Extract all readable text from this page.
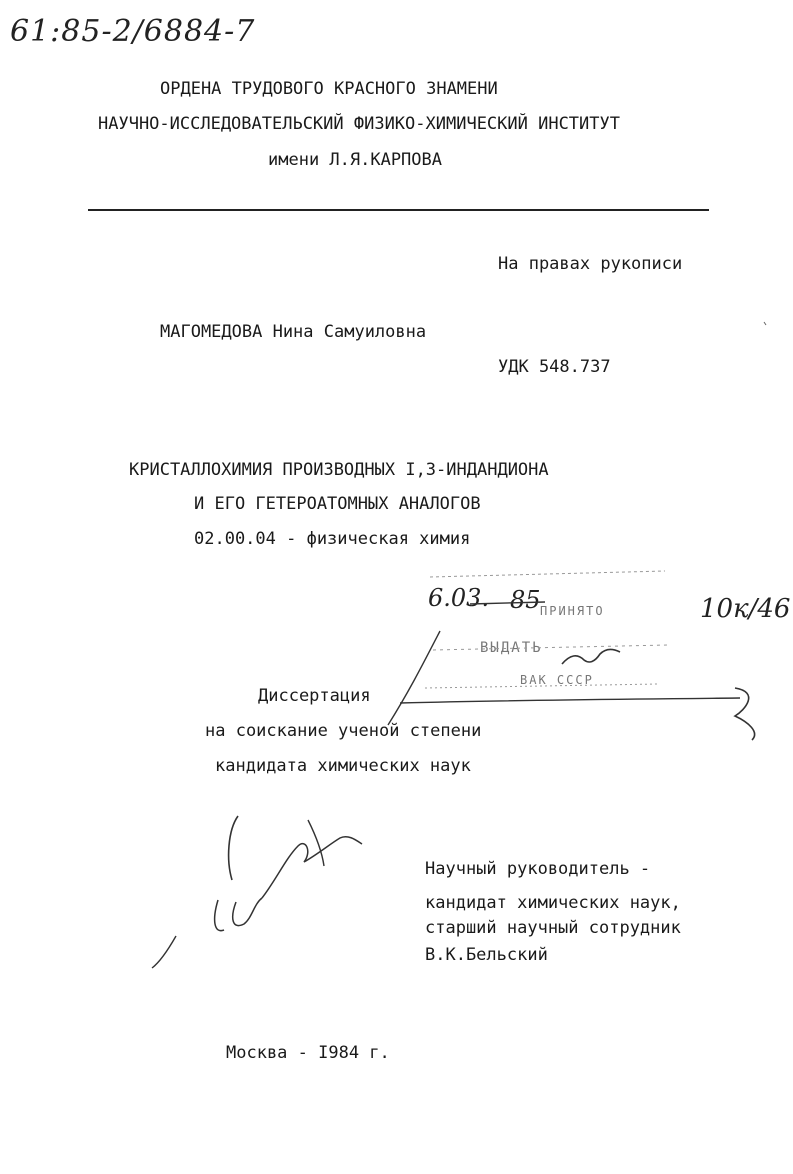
61:85-2/6884-7
ОРДЕНА ТРУДОВОГО КРАСНОГО ЗНАМЕНИ
НАУЧНО-ИССЛЕДОВАТЕЛЬСКИЙ ФИЗИКО-ХИМИЧЕСКИЙ ИНСТИТУТ
имени Л.Я.КАРПОВА
На правах рукописи
МАГОМЕДОВА Нина Самуиловна
УДК 548.737
КРИСТАЛЛОХИМИЯ ПРОИЗВОДНЫХ I,3-ИНДАНДИОНА
И ЕГО ГЕТЕРОАТОМНЫХ АНАЛОГОВ
02.00.04 - физическая химия
6.03. 85	10к/46
ПРИНЯТО
ВЫДАТЬ
ВАК СССР
Диссертация
на соискание ученой степени
кандидата химических наук
Научный руководитель -
кандидат химических наук,
старший научный сотрудник
В.К.Бельский
Москва - I984 г.
